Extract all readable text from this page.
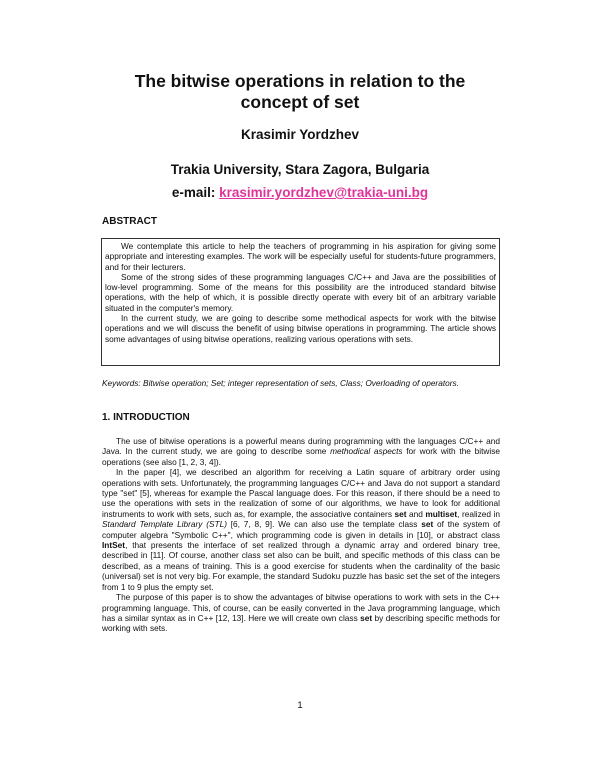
The bitwise operations in relation to the
concept of set
Krasimir Yordzhev
Trakia University, Stara Zagora, Bulgaria
e-mail: krasimir.yordzhev@trakia-uni.bg
ABSTRACT

We contemplate this article to help the teachers of programming in his aspiration for giving some appropriate and interesting examples. The work will be especially useful for students-future programmers, and for their lecturers.

Some of the strong sides of these programming languages C/C++ and Java are the possibilities of low-level programming. Some of the means for this possibility are the introduced standard bitwise operations, with the help of which, it is possible directly operate with every bit of an arbitrary variable situated in the computer's memory.

In the current study, we are going to describe some methodical aspects for work with the bitwise operations and we will discuss the benefit of using bitwise operations in programming. The article shows some advantages of using bitwise operations, realizing various operations with sets.

Keywords: Bitwise operation; Set; integer representation of sets, Class; Overloading of operators.

1. INTRODUCTION

The use of bitwise operations is a powerful means during programming with the languages C/C++ and Java. In the current study, we are going to describe some methodical aspects for work with the bitwise operations (see also [1, 2, 3, 4]).

In the paper [4], we described an algorithm for receiving a Latin square of arbitrary order using operations with sets. Unfortunately, the programming languages C/C++ and Java do not support a standard type "set" [5], whereas for example the Pascal language does. For this reason, if there should be a need to use the operations with sets in the realization of some of our algorithms, we have to look for additional instruments to work with sets, such as, for example, the associative containers set and multiset, realized in Standard Template Library (STL) [6, 7, 8, 9]. We can also use the template class set of the system of computer algebra "Symbolic C++", which programming code is given in details in [10], or abstract class IntSet, that presents the interface of set realized through a dynamic array and ordered binary tree, described in [11]. Of course, another class set also can be built, and specific methods of this class can be described, as a means of training. This is a good exercise for students when the cardinality of the basic (universal) set is not very big. For example, the standard Sudoku puzzle has basic set the set of the integers from 1 to 9 plus the empty set.

The purpose of this paper is to show the advantages of bitwise operations to work with sets in the C++ programming language. This, of course, can be easily converted in the Java programming language, which has a similar syntax as in C++ [12, 13]. Here we will create own class set by describing specific methods for working with sets.

1
